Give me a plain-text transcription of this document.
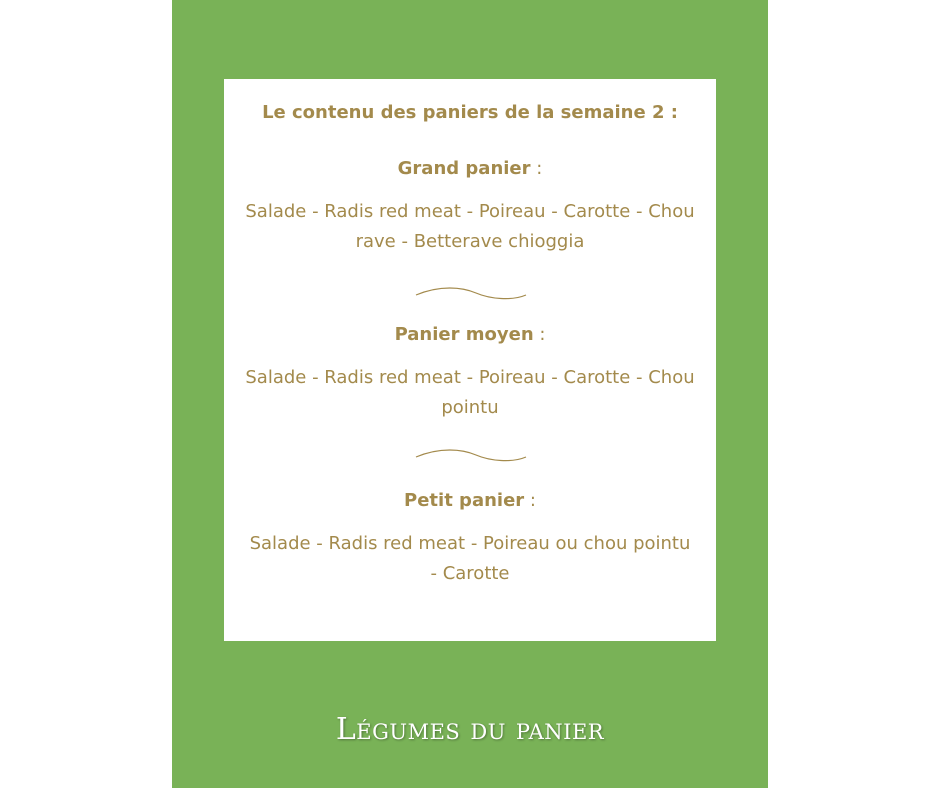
Le contenu des paniers de la semaine 2 :

Grand panier :

Salade - Radis red meat - Poireau - Carotte - Chou rave - Betterave chioggia

Panier moyen :

Salade - Radis red meat - Poireau - Carotte - Chou pointu

Petit panier :

Salade - Radis red meat - Poireau ou chou pointu - Carotte

Légumes du panier
